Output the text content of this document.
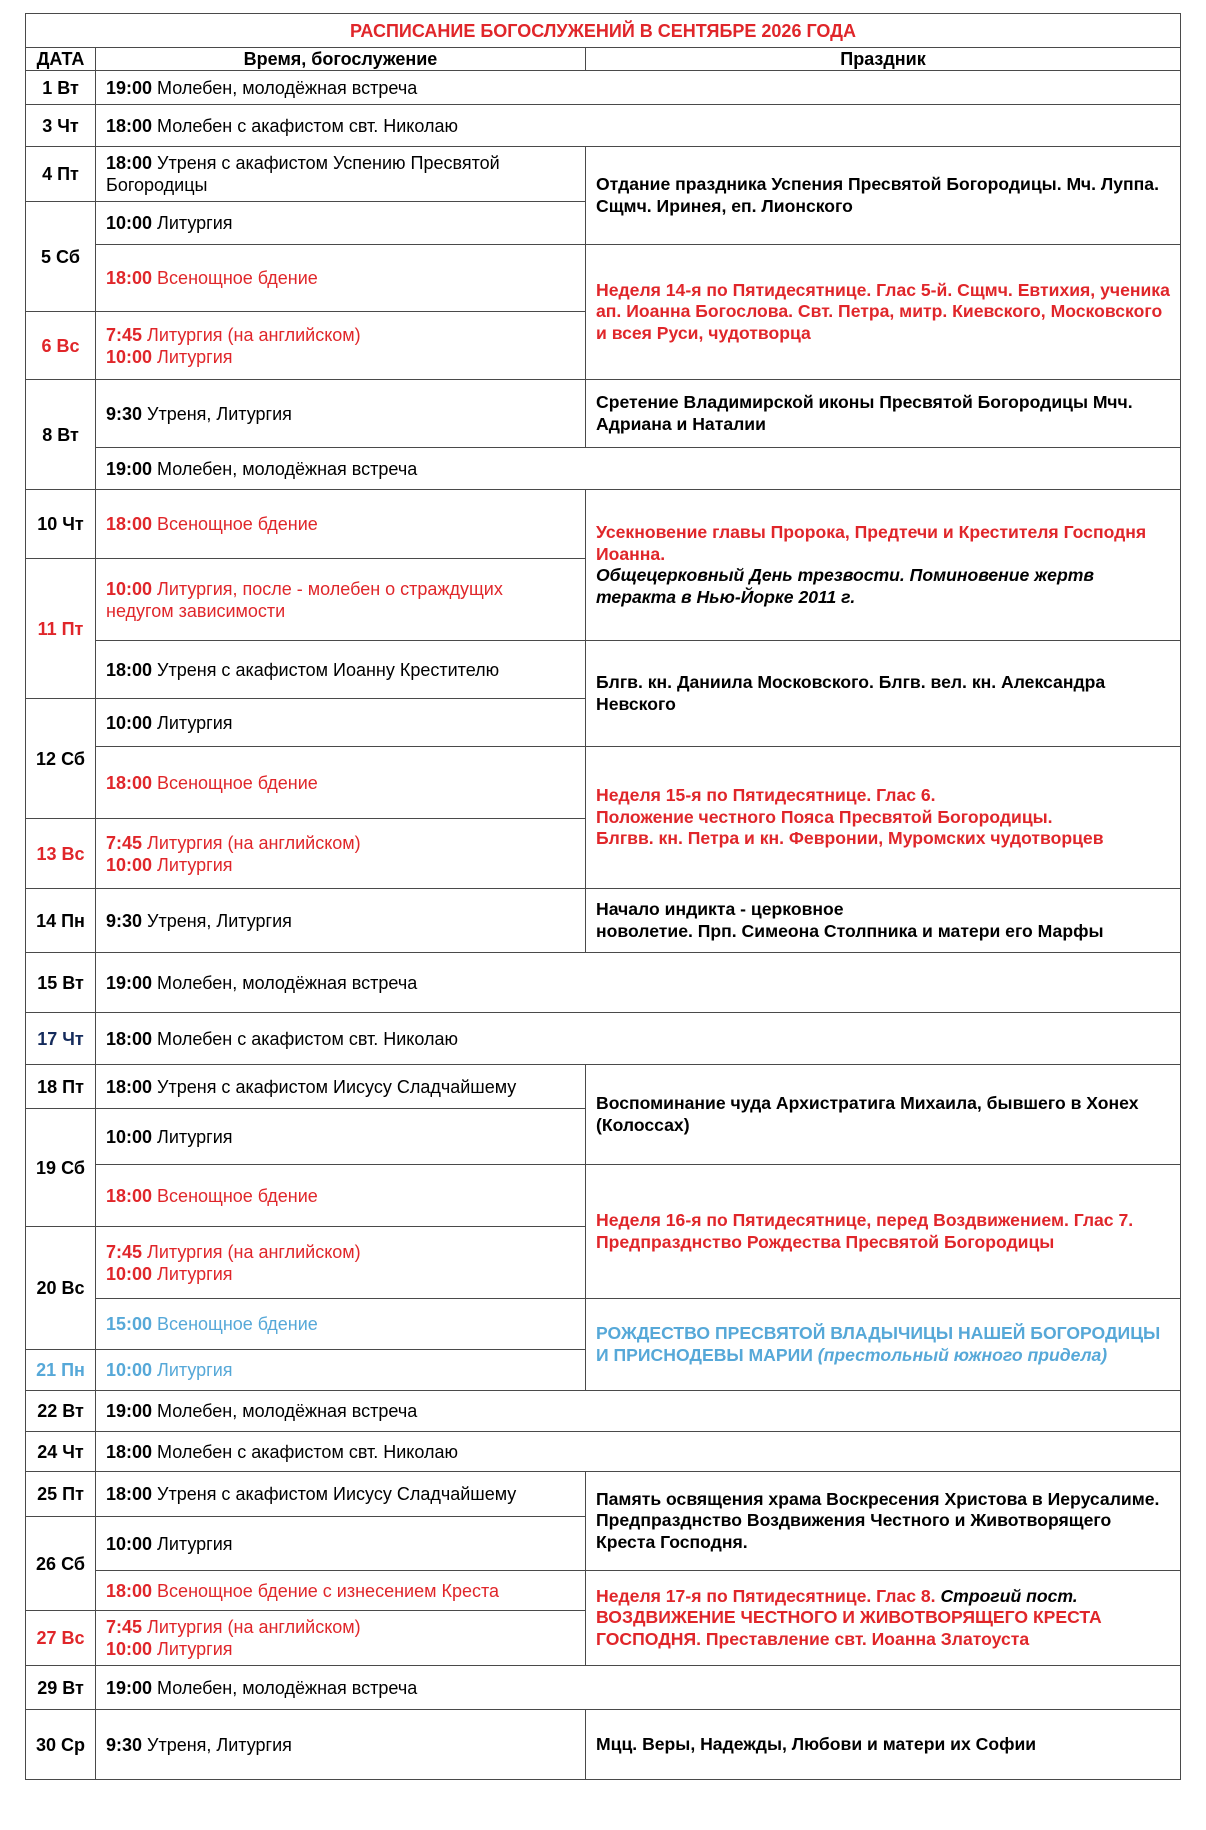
РАСПИСАНИЕ БОГОСЛУЖЕНИЙ В СЕНТЯБРЕ 2026 ГОДА		
ДАТА	Время, богослужение	Праздник
1 Вт	19:00 Молебен, молодёжная встреча	
3 Чт	18:00 Молебен с акафистом свт. Николаю	
4 Пт	18:00 Утреня с акафистом Успению Пресвятой Богородицы	Отдание праздника Успения Пресвятой Богородицы. Мч. Луппа. Сщмч. Иринея, еп. Лионского
5 Сб	10:00 Литургия	
	18:00 Всенощное бдение	Неделя 14-я по Пятидесятнице. Глас 5-й. Сщмч. Евтихия, ученика ап. Иоанна Богослова. Свт. Петра, митр. Киевского, Московского и всея Руси, чудотворца
6 Вс	7:45 Литургия (на английском)
10:00 Литургия	

8 Вт	9:30 Утреня, Литургия	Сретение Владимирской иконы Пресвятой Богородицы Мчч. Адриана и Наталии
	19:00 Молебен, молодёжная встреча	
10 Чт	18:00 Всенощное бдение	Усекновение главы Пророка, Предтечи и Крестителя Господня Иоанна.
Общецерковный День трезвости. Поминовение жертв теракта в Нью-Йорке 2011 г.

11 Пт	10:00 Литургия, после - молебен о страждущих недугом зависимости	
	18:00 Утреня с акафистом Иоанну Крестителю	Блгв. кн. Даниила Московского. Блгв. вел. кн. Александра Невского
12 Сб	10:00 Литургия	
	18:00 Всенощное бдение	Неделя 15-я по Пятидесятнице. Глас 6.
Положение честного Пояса Пресвятой Богородицы.
Блгвв. кн. Петра и кн. Февронии, Муромских чудотворцев

13 Вс	7:45 Литургия (на английском)
10:00 Литургия	

14 Пн	9:30 Утреня, Литургия	Начало индикта - церковное
новолетие. Прп. Симеона Столпника и матери его Марфы

15 Вт	19:00 Молебен, молодёжная встреча	
17 Чт	18:00 Молебен с акафистом свт. Николаю	
18 Пт	18:00 Утреня с акафистом Иисусу Сладчайшему	Воспоминание чуда Архистратига Михаила, бывшего в Хонех (Колоссах)
19 Сб	10:00 Литургия	
	18:00 Всенощное бдение	Неделя 16-я по Пятидесятнице, перед Воздвижением. Глас 7.
Предпразднство Рождества Пресвятой Богородицы

20 Вс	7:45 Литургия (на английском)
10:00 Литургия	

	15:00 Всенощное бдение	РОЖДЕСТВО ПРЕСВЯТОЙ ВЛАДЫЧИЦЫ НАШЕЙ БОГОРОДИЦЫ И ПРИСНОДЕВЫ МАРИИ (престольный южного придела)
21 Пн	10:00 Литургия	
22 Вт	19:00 Молебен, молодёжная встреча	
24 Чт	18:00 Молебен с акафистом свт. Николаю	
25 Пт	18:00 Утреня с акафистом Иисусу Сладчайшему	Память освящения храма Воскресения Христова в Иерусалиме. Предпразднство Воздвижения Честного и Животворящего Креста Господня.
26 Сб	10:00 Литургия	
	18:00 Всенощное бдение с изнесением Креста	Неделя 17-я по Пятидесятнице. Глас 8. Строгий пост.
ВОЗДВИЖЕНИЕ ЧЕСТНОГО И ЖИВОТВОРЯЩЕГО КРЕСТА ГОСПОДНЯ. Преставление свт. Иоанна Златоуста

27 Вс	7:45 Литургия (на английском)
10:00 Литургия	

29 Вт	19:00 Молебен, молодёжная встреча	
30 Ср	9:30 Утреня, Литургия	Мцц. Веры, Надежды, Любови и матери их Софии
